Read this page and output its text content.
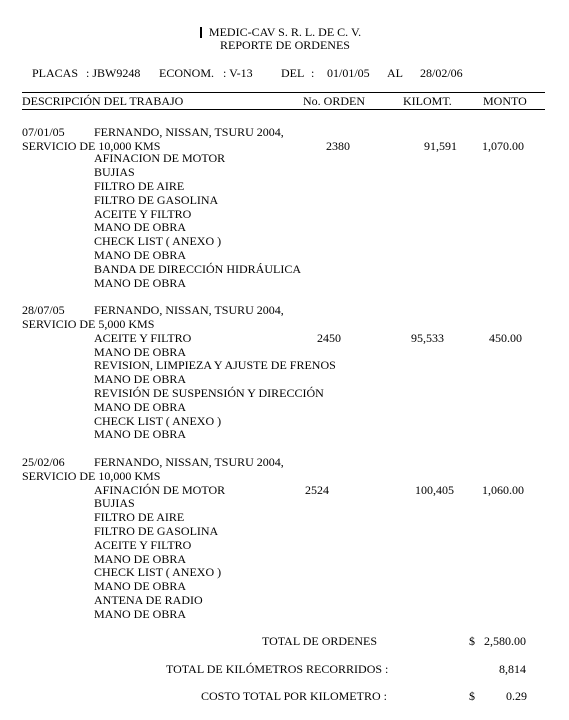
MEDIC-CAV S. R. L. DE C. V.
REPORTE DE ORDENES
PLACAS : JBW9248 ECONOM. : V-13 DEL : 01/01/05 AL 28/02/06
DESCRIPCIÓN DEL TRABAJO	No. ORDEN	KILOMT.	MONTO
07/01/05 FERNANDO, NISSAN, TSURU 2004,
SERVICIO DE 10,000 KMS	2380	91,591	1,070.00
AFINACION DE MOTOR
BUJIAS
FILTRO DE AIRE
FILTRO DE GASOLINA
ACEITE Y FILTRO
MANO DE OBRA
CHECK LIST ( ANEXO )
MANO DE OBRA
BANDA DE DIRECCIÓN HIDRÁULICA
MANO DE OBRA
28/07/05 FERNANDO, NISSAN, TSURU 2004,
SERVICIO DE 5,000 KMS
2450	95,533	450.00
ACEITE Y FILTRO
MANO DE OBRA
REVISION, LIMPIEZA Y AJUSTE DE FRENOS
MANO DE OBRA
REVISIÓN DE SUSPENSIÓN Y DIRECCIÓN
MANO DE OBRA
CHECK LIST ( ANEXO )
MANO DE OBRA
25/02/06 FERNANDO, NISSAN, TSURU 2004,
SERVICIO DE 10,000 KMS
2524	100,405	1,060.00
AFINACIÓN DE MOTOR
BUJIAS
FILTRO DE AIRE
FILTRO DE GASOLINA
ACEITE Y FILTRO
MANO DE OBRA
CHECK LIST ( ANEXO )
MANO DE OBRA
ANTENA DE RADIO
MANO DE OBRA
TOTAL DE ORDENES	$ 2,580.00
TOTAL DE KILÓMETROS RECORRIDOS :	8,814
COSTO TOTAL POR KILOMETRO :	$	0.29
